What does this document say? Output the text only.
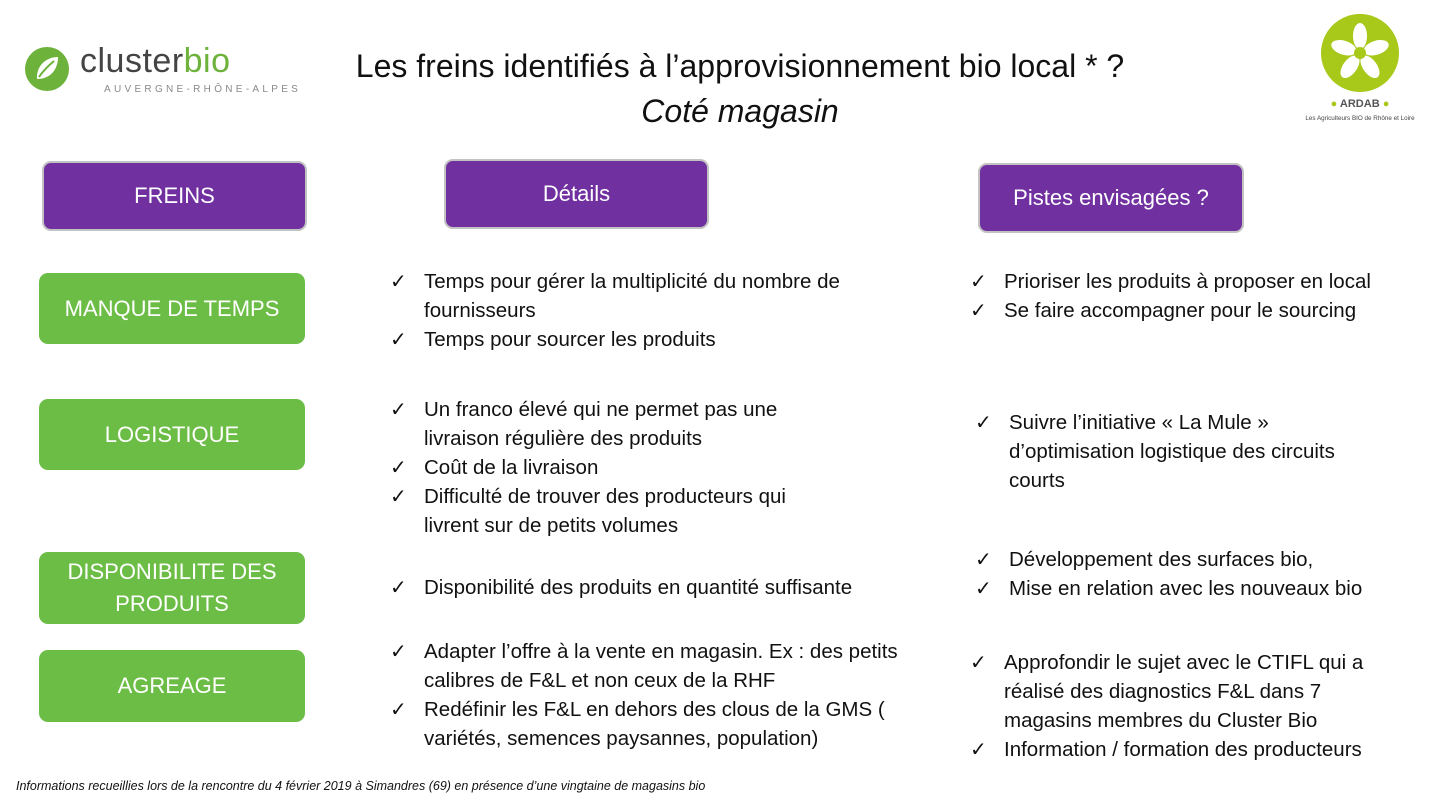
clusterbio
AUVERGNE-RHÔNE-ALPES
● ARDAB ●
Les Agriculteurs BIO de Rhône et Loire
Les freins identifiés à l’approvisionnement bio local * ?
Coté magasin
FREINS	Détails	Pistes envisagées ?
MANQUE DE TEMPS
LOGISTIQUE
DISPONIBILITE DES PRODUITS
AGREAGE
✓ Temps pour gérer la multiplicité du nombre de fournisseurs
✓ Temps pour sourcer les produits
✓ Un franco élevé qui ne permet pas une livraison régulière des produits
✓ Coût de la livraison
✓ Difficulté de trouver des producteurs qui livrent sur de petits volumes
✓ Disponibilité des produits en quantité suffisante
✓ Adapter l’offre à la vente en magasin. Ex : des petits calibres de F&L et non ceux de la RHF
✓ Redéfinir les F&L en dehors des clous de la GMS ( variétés, semences paysannes, population)
✓ Prioriser les produits à proposer en local
✓ Se faire accompagner pour le sourcing
✓ Suivre l’initiative « La Mule » d’optimisation logistique des circuits courts
✓ Développement des surfaces bio,
✓ Mise en relation avec les nouveaux bio
✓ Approfondir le sujet avec le CTIFL qui a réalisé des diagnostics F&L dans 7 magasins membres du Cluster Bio
✓ Information / formation des producteurs
Informations recueillies lors de la rencontre du 4 février 2019 à Simandres (69) en présence d’une vingtaine de magasins bio
